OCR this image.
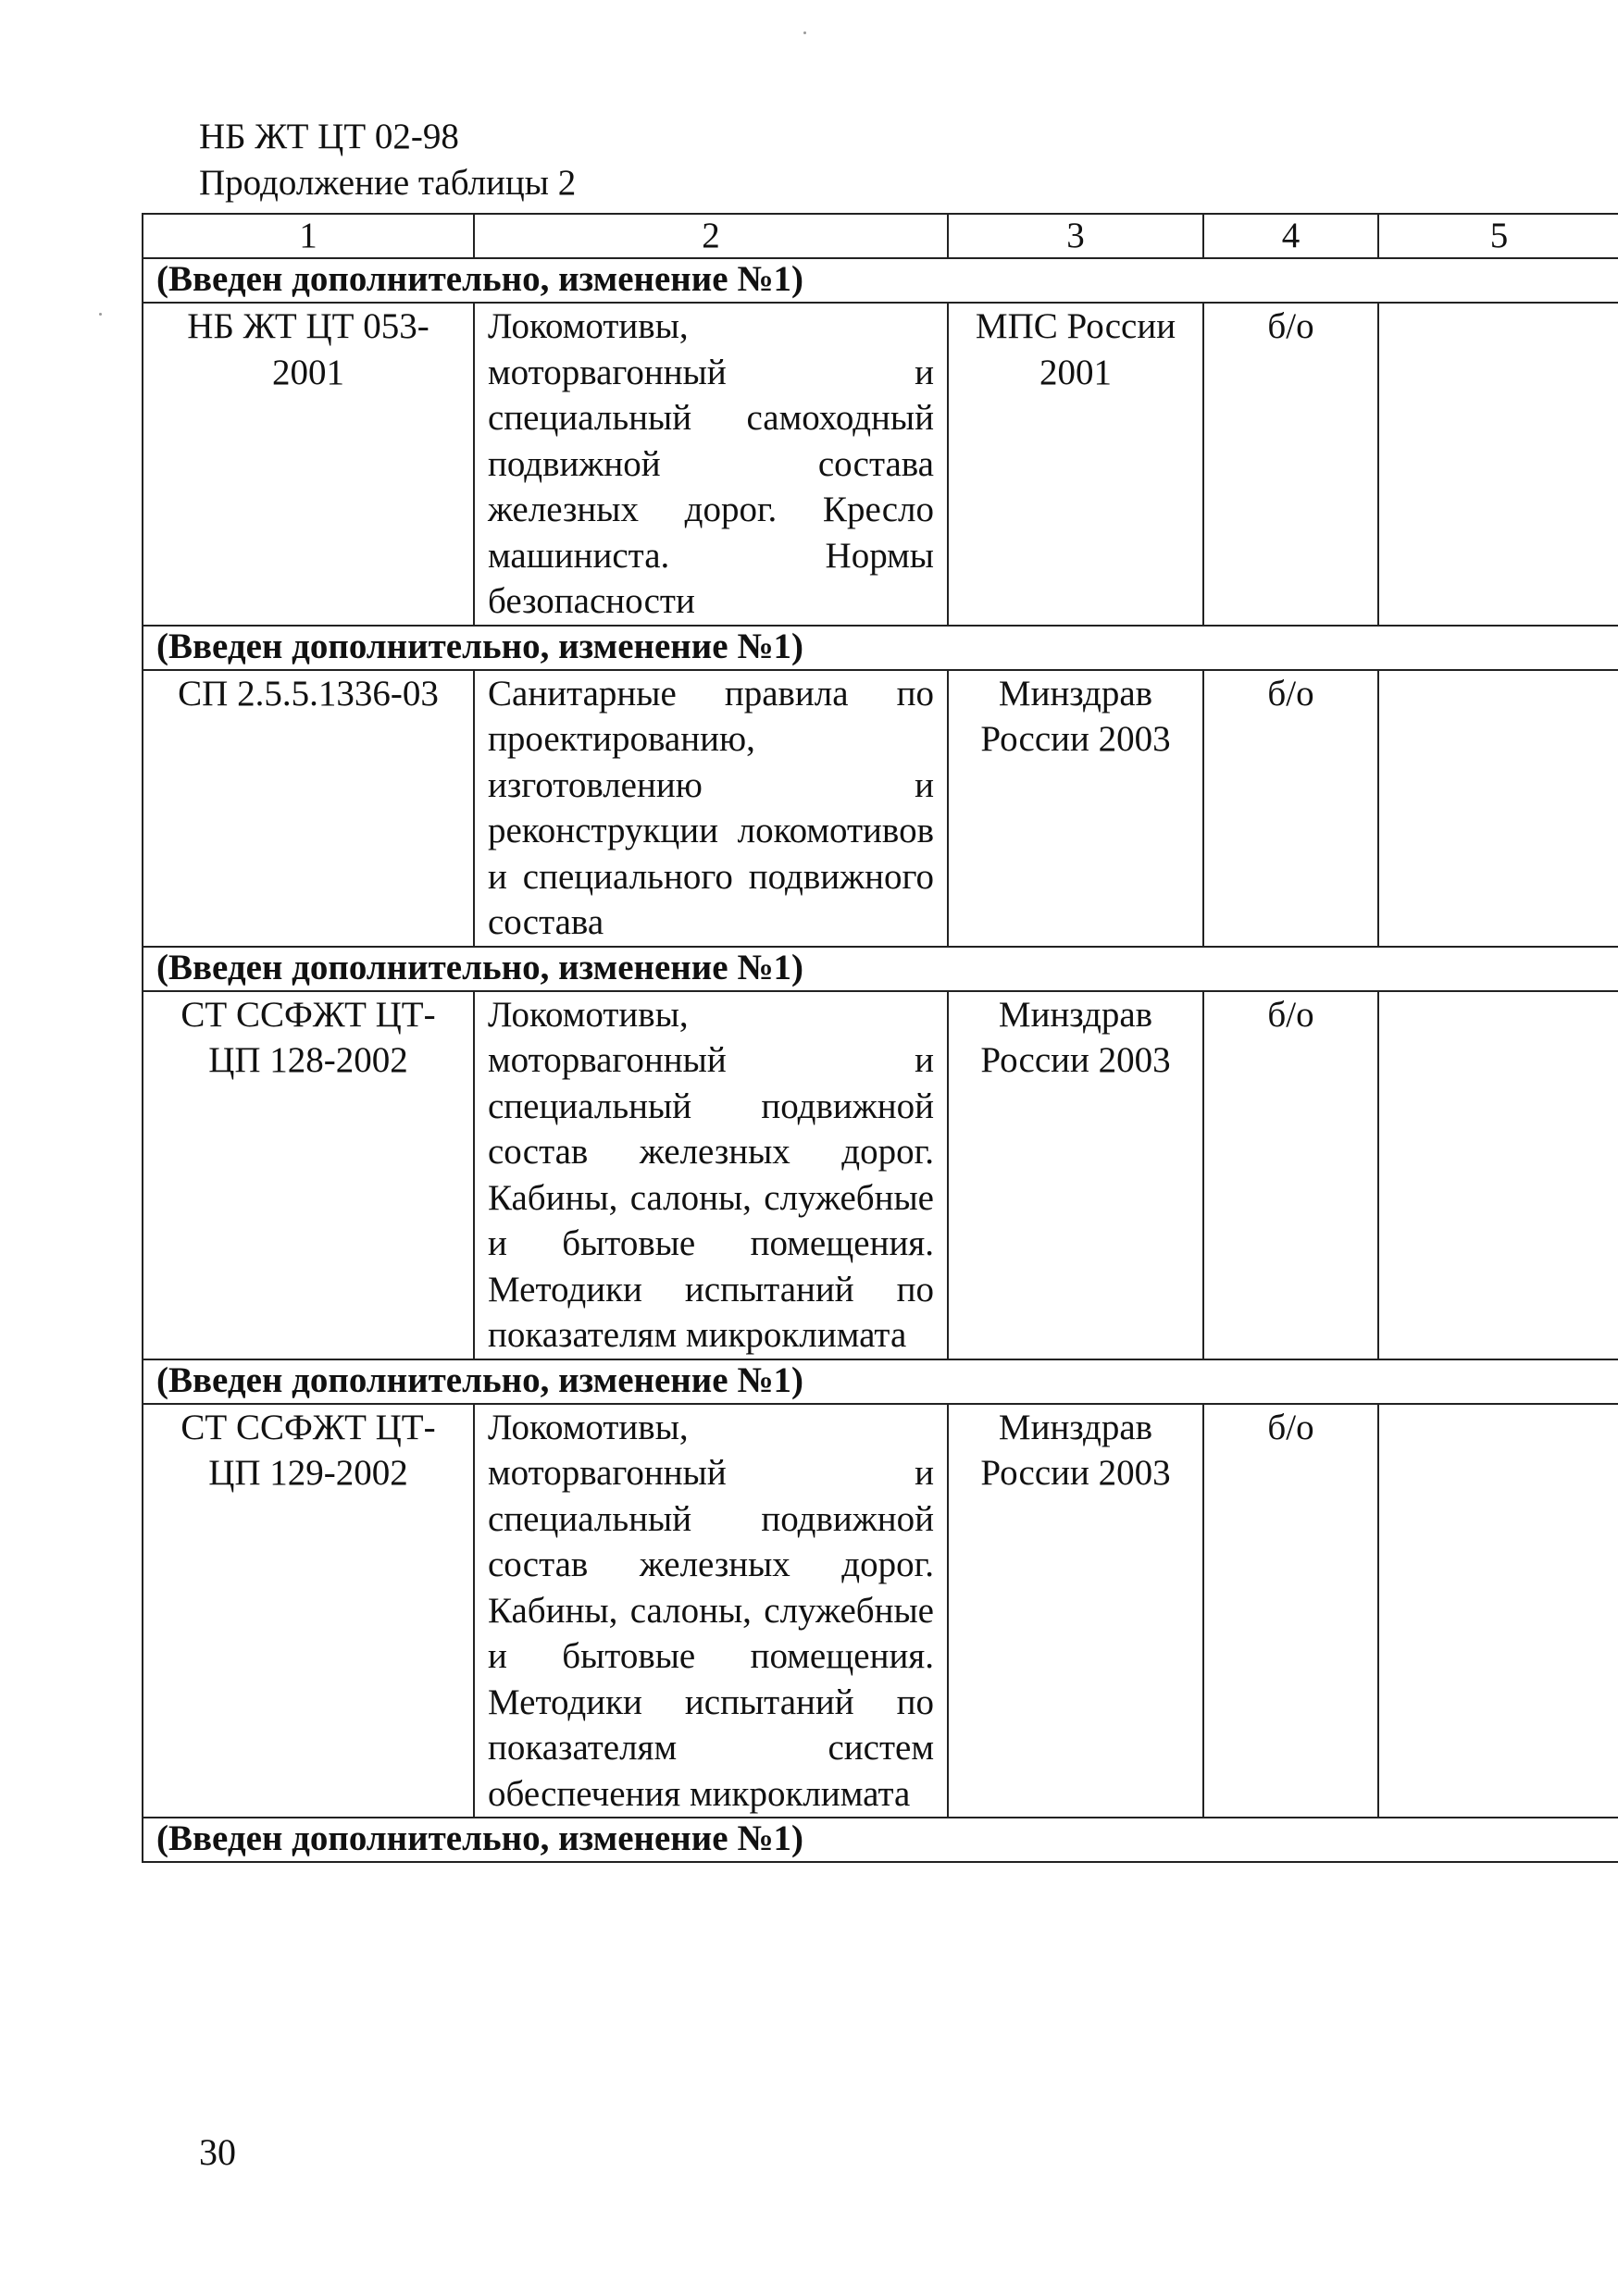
НБ ЖТ ЦТ 02-98
Продолжение таблицы 2
1	2	3	4	5
(Введен дополнительно, изменение №1)				
НБ ЖТ ЦТ 053-2001	Локомотивы, моторвагонный и специальный самоходный подвижной состава железных дорог. Кресло машиниста. Нормы безопасности	МПС России 2001	б/о	
(Введен дополнительно, изменение №1)				
СП 2.5.5.1336-03	Санитарные правила по проектированию, изготовлению и реконструкции локомотивов и специального подвижного состава	Минздрав России 2003	б/о	
(Введен дополнительно, изменение №1)				
СТ ССФЖТ ЦТ-ЦП 128-2002	Локомотивы, моторвагонный и специальный подвижной состав железных дорог. Кабины, салоны, служебные и бытовые помещения. Методики испытаний по показателям микроклимата	Минздрав России 2003	б/о	
(Введен дополнительно, изменение №1)				
СТ ССФЖТ ЦТ-ЦП 129-2002	Локомотивы, моторвагонный и специальный подвижной состав железных дорог. Кабины, салоны, служебные и бытовые помещения. Методики испытаний по показателям систем обеспечения микроклимата	Минздрав России 2003	б/о	
(Введен дополнительно, изменение №1)				
30
